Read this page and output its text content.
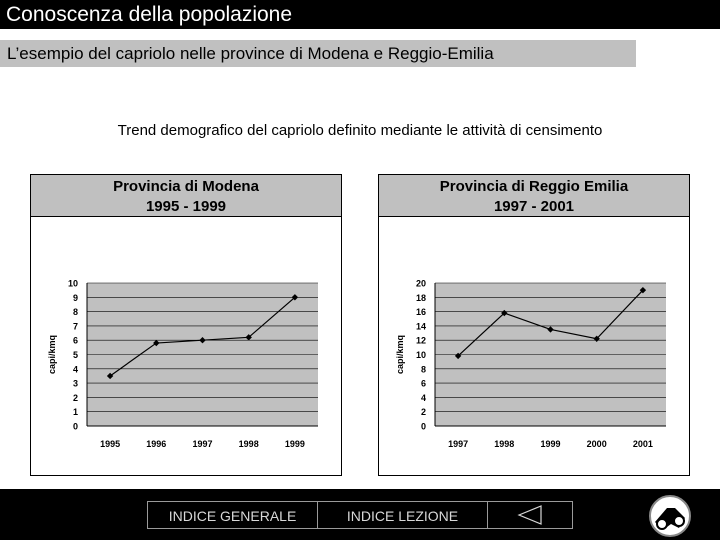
Conoscenza della popolazione
L’esempio del capriolo nelle province di Modena e Reggio-Emilia
Trend demografico del capriolo definito mediante le attività di censimento
Provincia di Modena
1995 - 1999
0
1
2
3
4
5
6
7
8
9
10
1995	1996	1997	1998	1999
capi/kmq
Provincia di Reggio Emilia
1997 - 2001
0
2
4
6
8
10
12
14
16
18
20
1997	1998	1999	2000	2001
capi/kmq
INDICE GENERALE	INDICE LEZIONE
